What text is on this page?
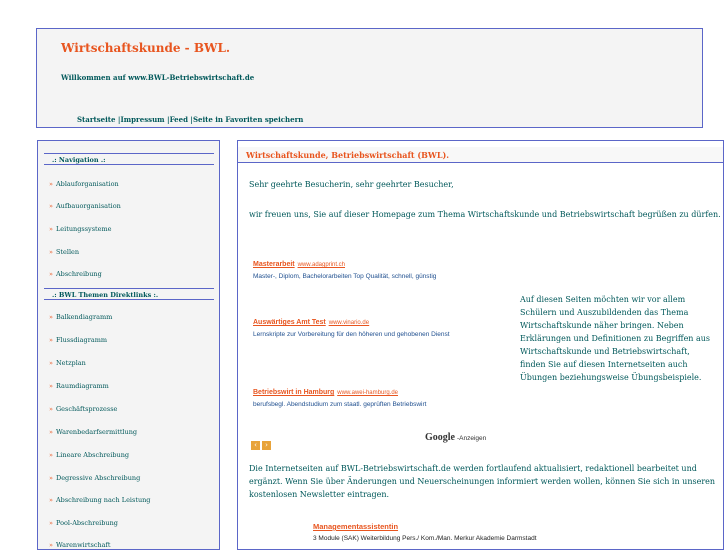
Wirtschaftskunde - BWL.
Willkommen auf www.BWL-Betriebswirtschaft.de
Startseite |Impressum |Feed |Seite in Favoriten speichern
.: Navigation .:
» Ablauforganisation
» Aufbauorganisation
» Leitungssysteme
» Stellen
» Abschreibung
.: BWL Themen Direktlinks :.
» Balkendiagramm
» Flussdiagramm
» Netzplan
» Raumdiagramm
» Geschäftsprozesse
» Warenbedarfsermittlung
» Lineare Abschreibung
» Degressive Abschreibung
» Abschreibung nach Leistung
» Pool-Abschreibung
» Warenwirtschaft
Wirtschaftskunde, Betriebswirtschaft (BWL).
Sehr geehrte Besucherin, sehr geehrter Besucher,
wir freuen uns, Sie auf dieser Homepage zum Thema Wirtschaftskunde und Betriebswirtschaft begrüßen zu dürfen.
Masterarbeit www.adagprint.ch
Master-, Diplom, Bachelorarbeiten Top Qualität, schnell, günstig
Auswärtiges Amt Test www.vinario.de
Lernskripte zur Vorbereitung für den höheren und gehobenen Dienst
Betriebswirt in Hamburg www.awei-hamburg.de
berufsbegl. Abendstudium zum staatl. geprüften Betriebswirt
Auf diesen Seiten möchten wir vor allem Schülern und Auszubildenden das Thema Wirtschaftskunde näher bringen. Neben Erklärungen und Definitionen zu Begriffen aus Wirtschaftskunde und Betriebswirtschaft, finden Sie auf diesen Internetseiten auch Übungen beziehungsweise Übungsbeispiele.
‹ ›
Google -Anzeigen
Die Internetseiten auf BWL-Betriebswirtschaft.de werden fortlaufend aktualisiert, redaktionell bearbeitet und ergänzt. Wenn Sie über Änderungen und Neuerscheinungen informiert werden wollen, können Sie sich in unseren kostenlosen Newsletter eintragen.
Managementassistentin
3 Module (SAK) Weiterbildung Pers./ Kom./Man. Merkur Akademie Darmstadt
